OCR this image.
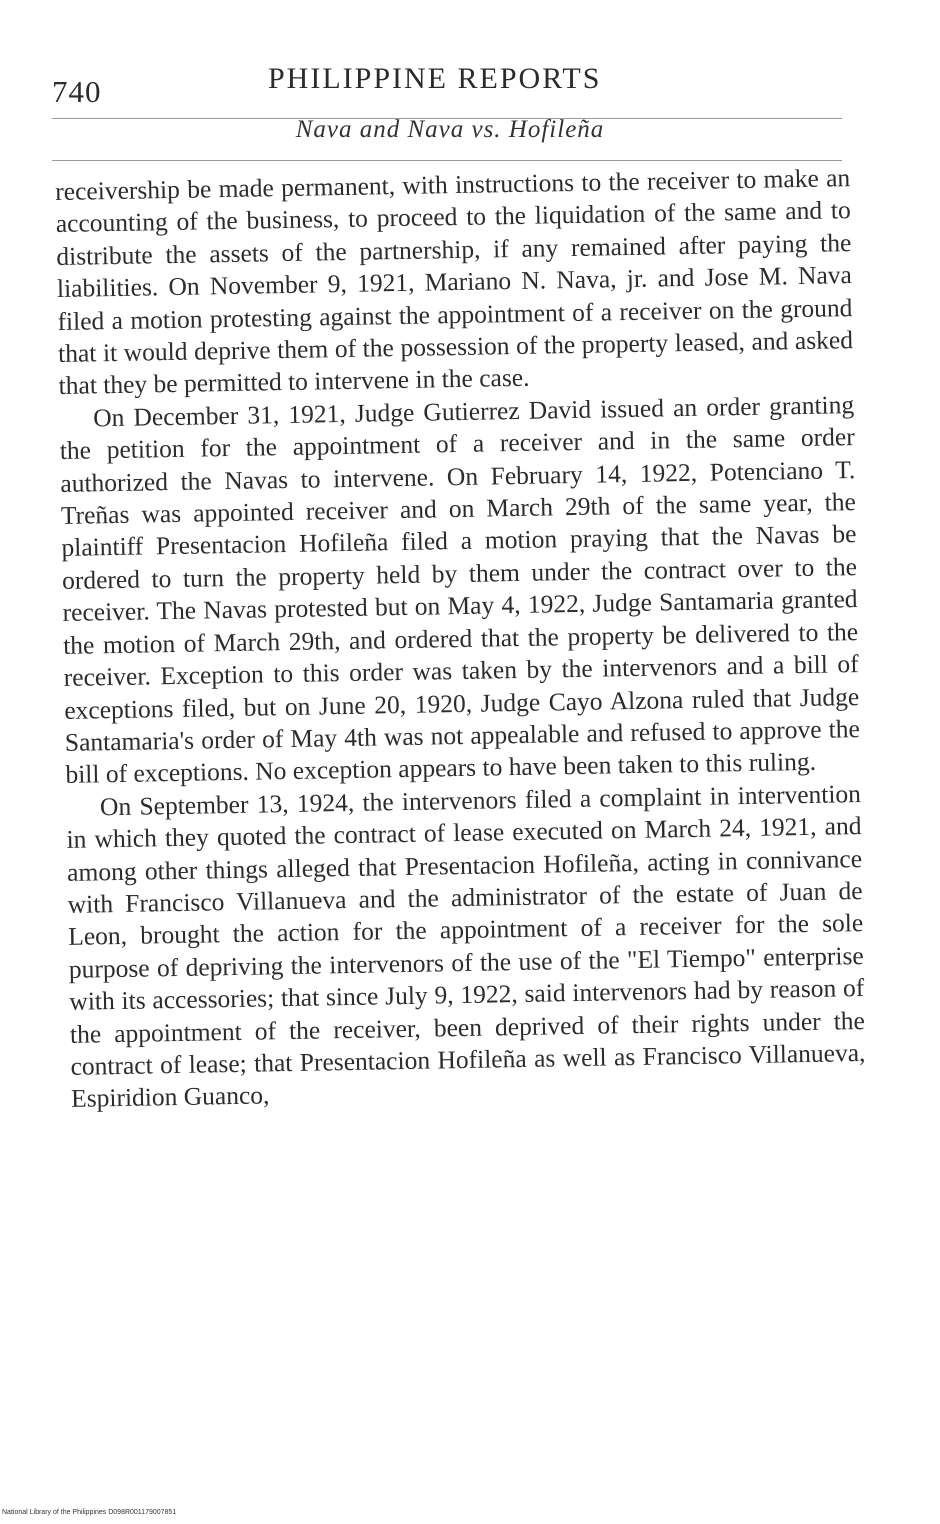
740	PHILIPPINE REPORTS
Nava and Nava vs. Hofileña

receivership be made permanent, with instructions to the receiver to make an accounting of the business, to proceed to the liquidation of the same and to distribute the assets of the partnership, if any remained after paying the liabilities. On November 9, 1921, Mariano N. Nava, jr. and Jose M. Nava filed a motion protesting against the appointment of a receiver on the ground that it would deprive them of the possession of the property leased, and asked that they be permitted to intervene in the case.

On December 31, 1921, Judge Gutierrez David issued an order granting the petition for the appointment of a receiver and in the same order authorized the Navas to intervene. On February 14, 1922, Potenciano T. Treñas was appointed receiver and on March 29th of the same year, the plaintiff Presentacion Hofileña filed a motion praying that the Navas be ordered to turn the property held by them under the contract over to the receiver. The Navas protested but on May 4, 1922, Judge Santamaria granted the motion of March 29th, and ordered that the property be delivered to the receiver. Exception to this order was taken by the intervenors and a bill of exceptions filed, but on June 20, 1920, Judge Cayo Alzona ruled that Judge Santamaria's order of May 4th was not appealable and refused to approve the bill of exceptions. No exception appears to have been taken to this ruling.

On September 13, 1924, the intervenors filed a complaint in intervention in which they quoted the contract of lease executed on March 24, 1921, and among other things alleged that Presentacion Hofileña, acting in connivance with Francisco Villanueva and the administrator of the estate of Juan de Leon, brought the action for the appointment of a receiver for the sole purpose of depriving the intervenors of the use of the "El Tiempo" enterprise with its accessories; that since July 9, 1922, said intervenors had by reason of the appointment of the receiver, been deprived of their rights under the contract of lease; that Presentacion Hofileña as well as Francisco Villanueva, Espiridion Guanco,

National Library of the Philippines D098R001179007851
